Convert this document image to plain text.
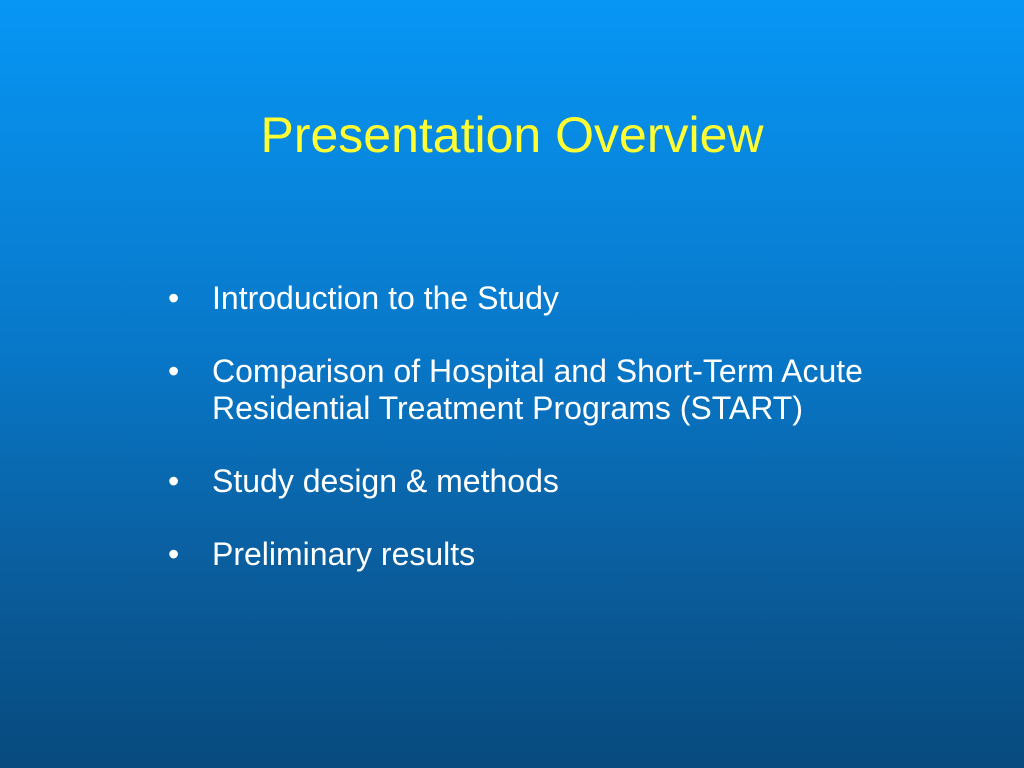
Presentation Overview
•	Introduction to the Study
•	Comparison of Hospital and Short-Term Acute Residential Treatment Programs (START)
•	Study design & methods
•	Preliminary results
